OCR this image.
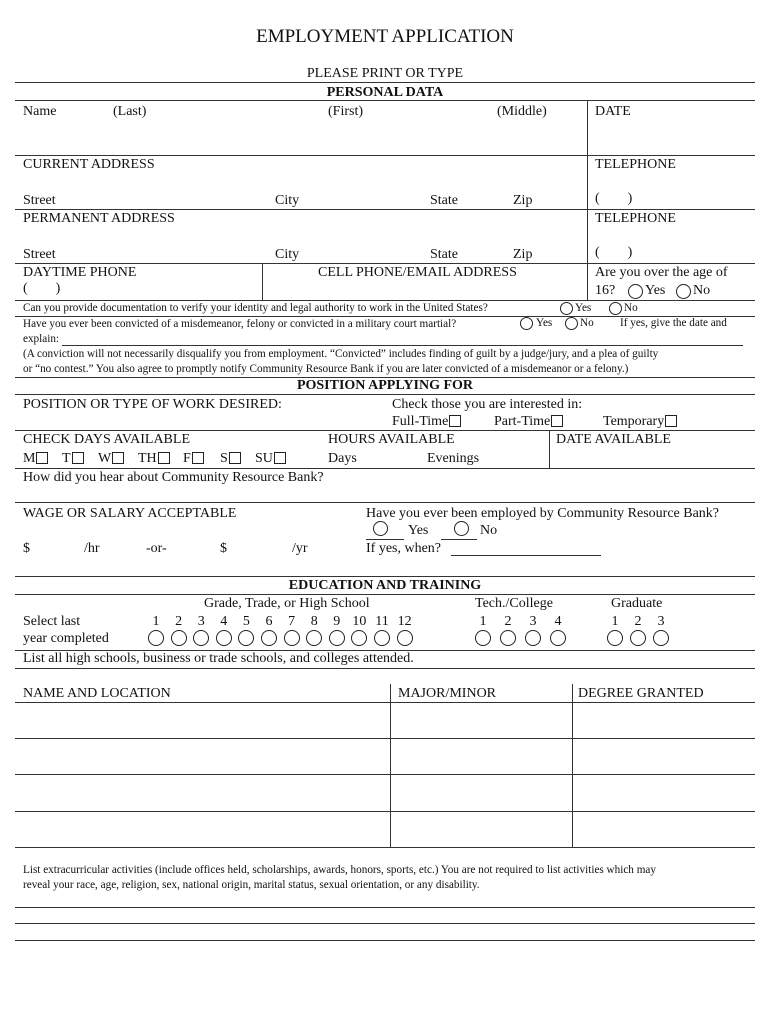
EMPLOYMENT APPLICATION
PLEASE PRINT OR TYPE
PERSONAL DATA
Name	(Last)	(First)	(Middle)	DATE
CURRENT ADDRESS	TELEPHONE
Street	City	State	Zip	(        )
PERMANENT ADDRESS	TELEPHONE
Street	City	State	Zip	(        )
DAYTIME PHONE
(        )
CELL PHONE/EMAIL ADDRESS	Are you over the age of
16? Yes No
Can you provide documentation to verify your identity and legal authority to work in the United States?	Yes	No
Have you ever been convicted of a misdemeanor, felony or convicted in a military court martial?	Yes No If yes, give the date and
explain:
(A conviction will not necessarily disqualify you from employment. “Convicted” includes finding of guilt by a judge/jury, and a plea of guilty
or “no contest.” You also agree to promptly notify Community Resource Bank if you are later convicted of a misdemeanor or a felony.)
POSITION APPLYING FOR
POSITION OR TYPE OF WORK DESIRED:	Check those you are interested in:
Full-Time	Part-Time	Temporary
CHECK DAYS AVAILABLE
M	T	W	TH	F	S	SU
HOURS AVAILABLE
Days	Evenings
DATE AVAILABLE
How did you hear about Community Resource Bank?
WAGE OR SALARY ACCEPTABLE
$	/hr	-or-	$	/yr
Have you ever been employed by Community Resource Bank?
Yes	No
If yes, when?
EDUCATION AND TRAINING
Grade, Trade, or High School	Tech./College	Graduate
Select last
year completed
1	2	3	4	5	6	7	8	9 10 11 12	1	2	3	4	1	2	3
List all high schools, business or trade schools, and colleges attended.
NAME AND LOCATION	MAJOR/MINOR	DEGREE GRANTED
List extracurricular activities (include offices held, scholarships, awards, honors, sports, etc.) You are not required to list activities which may
reveal your race, age, religion, sex, national origin, marital status, sexual orientation, or any disability.
